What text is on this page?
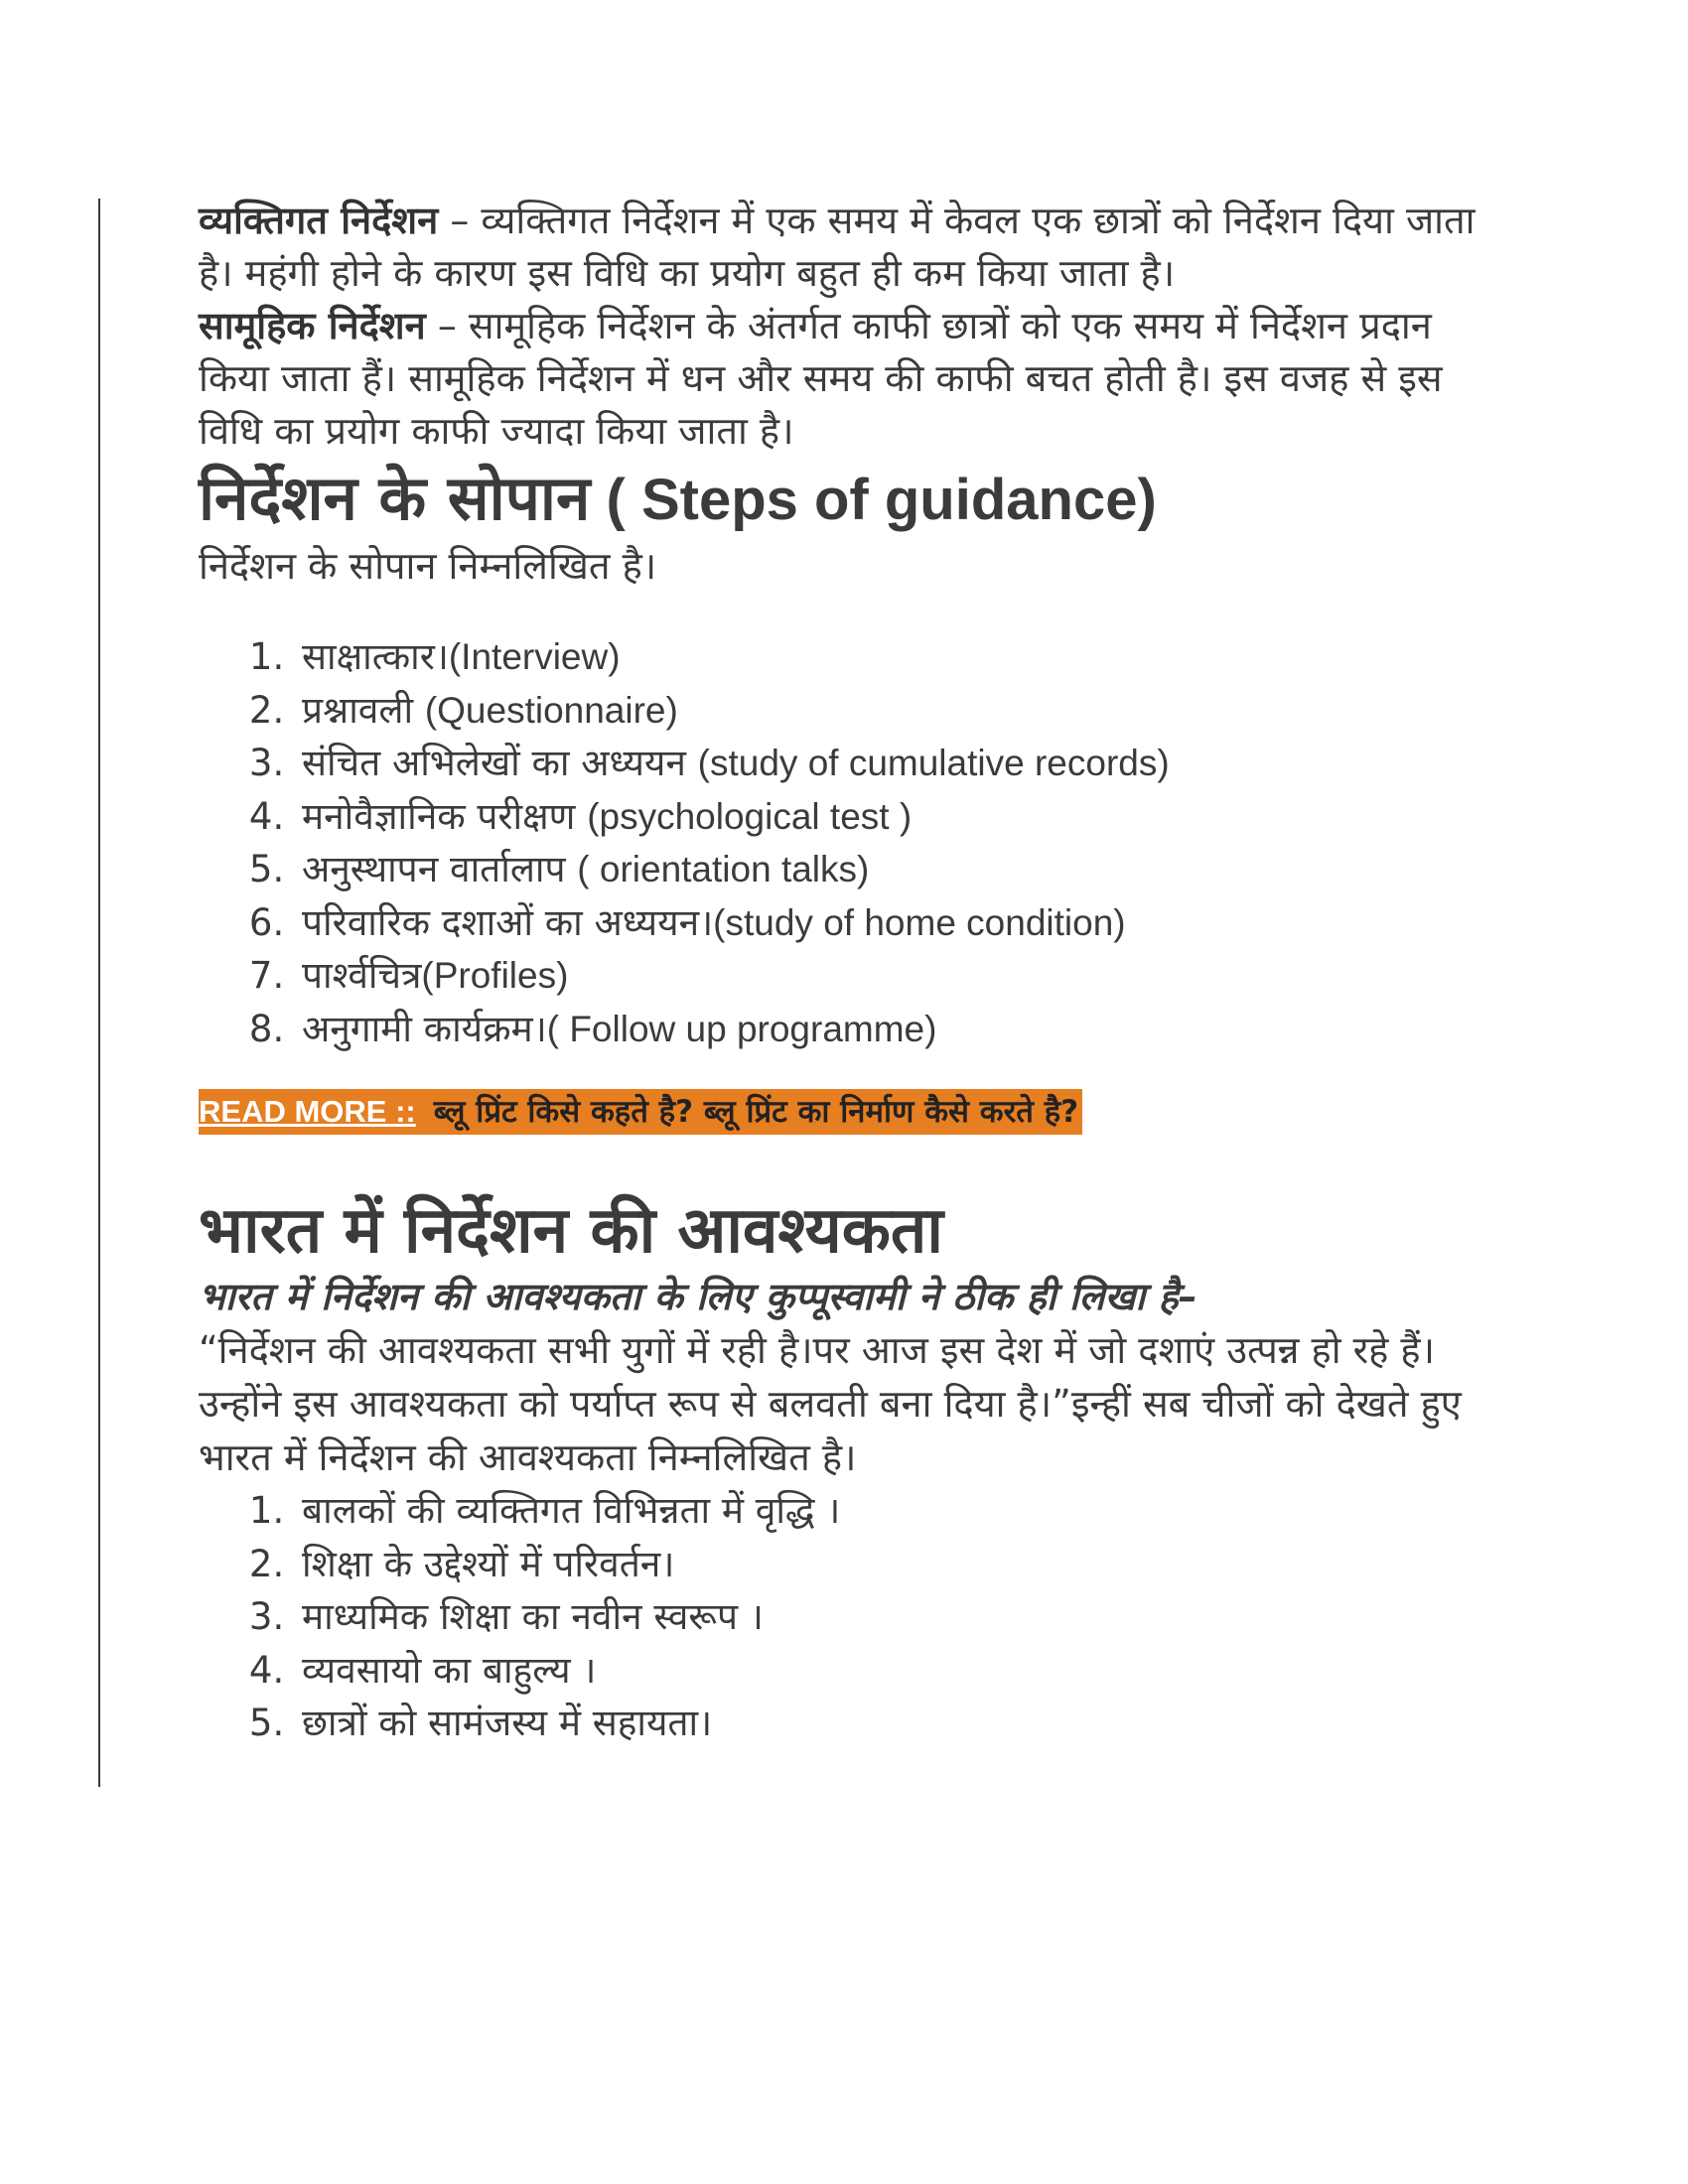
व्यक्तिगत निर्देशन – व्यक्तिगत निर्देशन में एक समय में केवल एक छात्रों को निर्देशन दिया जाता है। महंगी होने के कारण इस विधि का प्रयोग बहुत ही कम किया जाता है।

सामूहिक निर्देशन – सामूहिक निर्देशन के अंतर्गत काफी छात्रों को एक समय में निर्देशन प्रदान किया जाता हैं। सामूहिक निर्देशन में धन और समय की काफी बचत होती है। इस वजह से इस विधि का प्रयोग काफी ज्यादा किया जाता है।

निर्देशन के सोपान ( Steps of guidance)

निर्देशन के सोपान निम्नलिखित है।

1. साक्षात्कार।(Interview)
2. प्रश्नावली (Questionnaire)
3. संचित अभिलेखों का अध्ययन (study of cumulative records)
4. मनोवैज्ञानिक परीक्षण (psychological test )
5. अनुस्थापन वार्तालाप ( orientation talks)
6. परिवारिक दशाओं का अध्ययन।(study of home condition)
7. पार्श्वचित्र(Profiles)
8. अनुगामी कार्यक्रम।( Follow up programme)
READ MORE :: ब्लू प्रिंट किसे कहते है? ब्लू प्रिंट का निर्माण कैसे करते है?
भारत में निर्देशन की आवश्यकता

भारत में निर्देशन की आवश्यकता के लिए कुप्पूस्वामी ने ठीक ही लिखा है–

“निर्देशन की आवश्यकता सभी युगों में रही है।पर आज इस देश में जो दशाएं उत्पन्न हो रहे हैं।उन्होंने इस आवश्यकता को पर्याप्त रूप से बलवती बना दिया है।”इन्हीं सब चीजों को देखते हुए भारत में निर्देशन की आवश्यकता निम्नलिखित है।

1. बालकों की व्यक्तिगत विभिन्नता में वृद्धि ।
2. शिक्षा के उद्देश्यों में परिवर्तन।
3. माध्यमिक शिक्षा का नवीन स्वरूप ।
4. व्यवसायो का बाहुल्य ।
5. छात्रों को सामंजस्य में सहायता।
